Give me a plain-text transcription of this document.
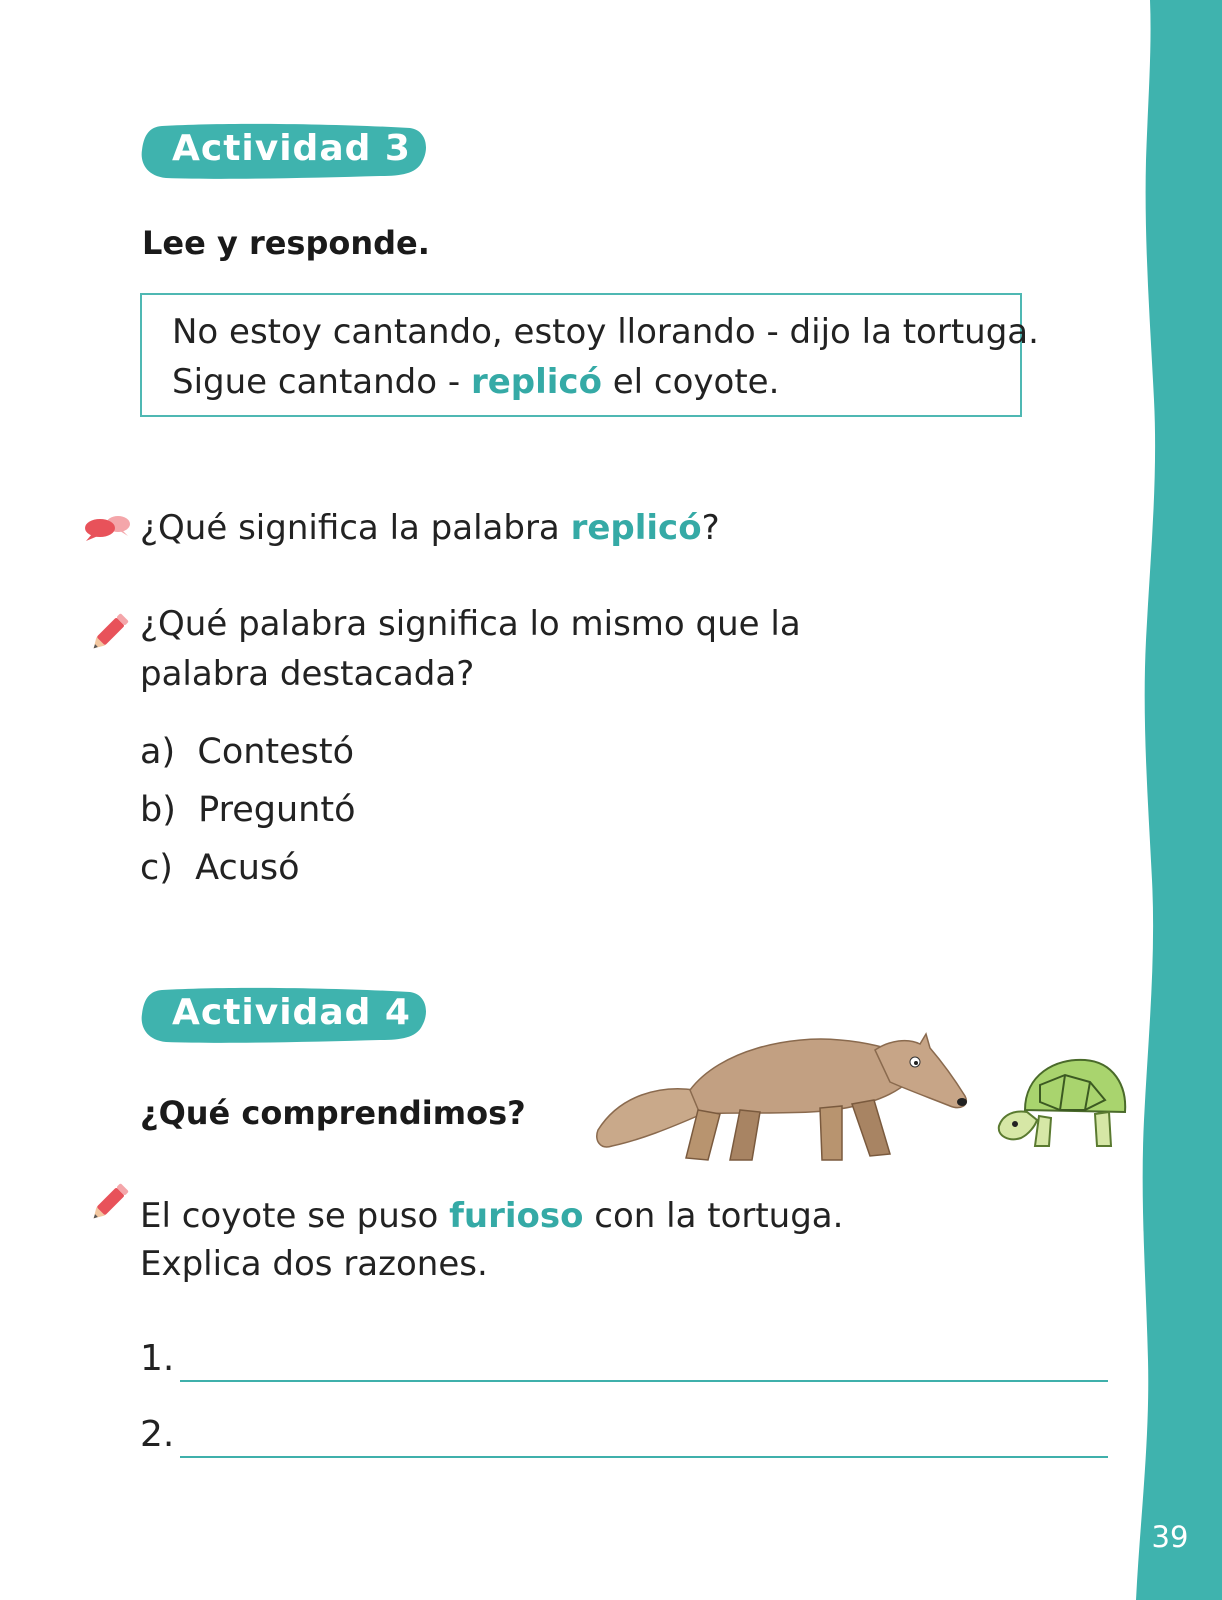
39
Actividad 3
Lee y responde.
No estoy cantando, estoy llorando - dijo la tortuga.
Sigue cantando - replicó el coyote.
¿Qué significa la palabra replicó?
¿Qué palabra significa lo mismo que la
palabra destacada?
a) Contestó
b) Preguntó
c) Acusó
Actividad 4
¿Qué comprendimos?
El coyote se puso furioso con la tortuga.
Explica dos razones.
1.
2.
